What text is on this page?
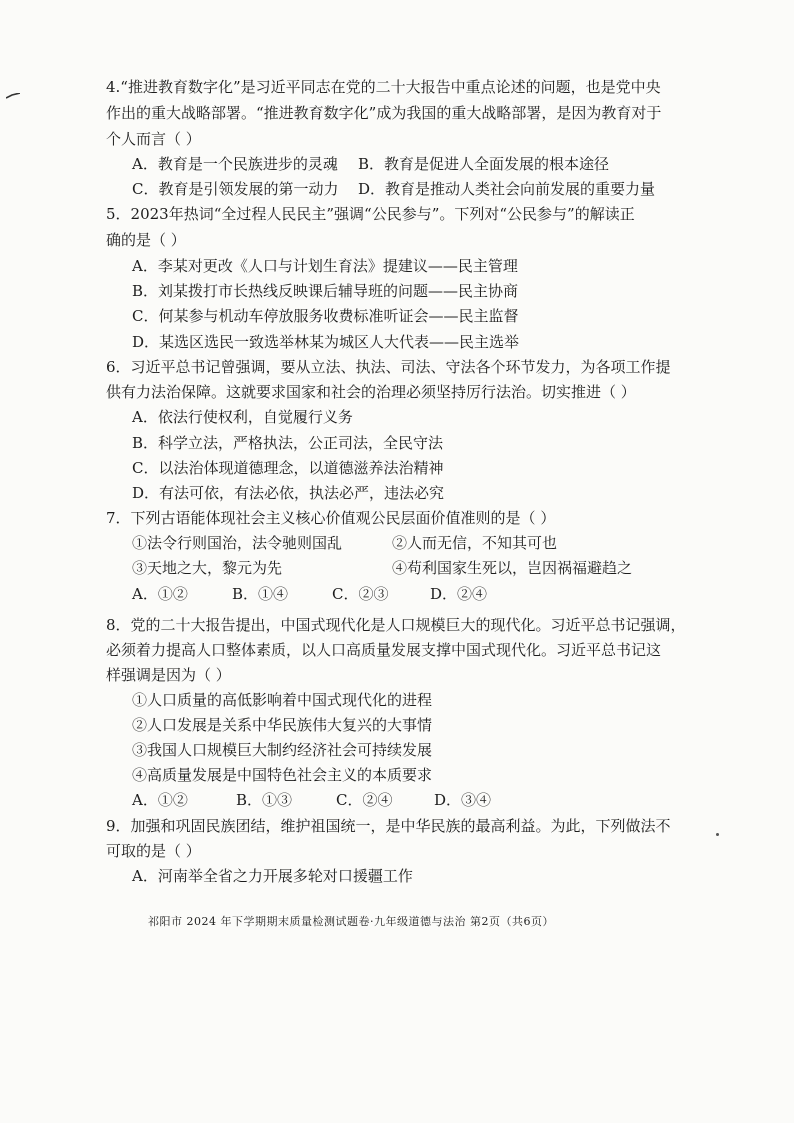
4.“推进教育数字化”是习近平同志在党的二十大报告中重点论述的问题，也是党中央
作出的重大战略部署。“推进教育数字化”成为我国的重大战略部署，是因为教育对于
个人而言（ ）
A．教育是一个民族进步的灵魂 B．教育是促进人全面发展的根本途径
C．教育是引领发展的第一动力 D．教育是推动人类社会向前发展的重要力量
5．2023年热词“全过程人民民主”强调“公民参与”。下列对“公民参与”的解读正
确的是（ ）
A．李某对更改《人口与计划生育法》提建议——民主管理
B．刘某拨打市长热线反映课后辅导班的问题——民主协商
C．何某参与机动车停放服务收费标准听证会——民主监督
D．某选区选民一致选举林某为城区人大代表——民主选举
6．习近平总书记曾强调，要从立法、执法、司法、守法各个环节发力，为各项工作提
供有力法治保障。这就要求国家和社会的治理必须坚持厉行法治。切实推进（ ）
A．依法行使权利，自觉履行义务
B．科学立法，严格执法，公正司法，全民守法
C．以法治体现道德理念，以道德滋养法治精神
D．有法可依，有法必依，执法必严，违法必究
7．下列古语能体现社会主义核心价值观公民层面价值准则的是（ ）
①法令行则国治，法令驰则国乱	②人而无信，不知其可也
③天地之大，黎元为先	④苟利国家生死以，岂因祸福避趋之
A．①②	B．①④	C．②③	D．②④
8．党的二十大报告提出，中国式现代化是人口规模巨大的现代化。习近平总书记强调，
必须着力提高人口整体素质，以人口高质量发展支撑中国式现代化。习近平总书记这
样强调是因为（ ）
①人口质量的高低影响着中国式现代化的进程
②人口发展是关系中华民族伟大复兴的大事情
③我国人口规模巨大制约经济社会可持续发展
④高质量发展是中国特色社会主义的本质要求
A．①②	B．①③	C．②④	D．③④
9．加强和巩固民族团结，维护祖国统一，是中华民族的最高利益。为此，下列做法不
可取的是（ ）
A．河南举全省之力开展多轮对口援疆工作
祁阳市 2024 年下学期期末质量检测试题卷·九年级道德与法治 第2页（共6页）
